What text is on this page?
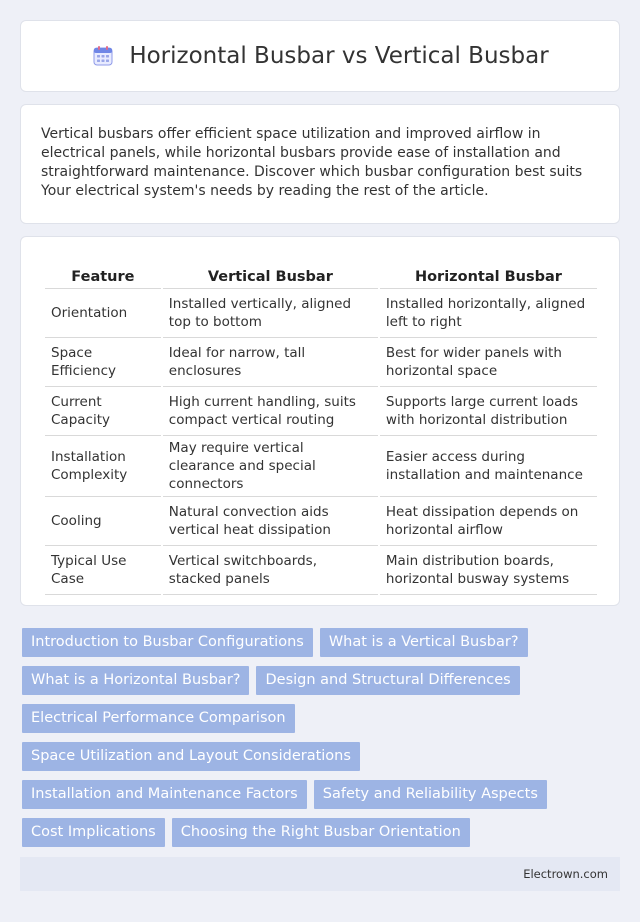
Horizontal Busbar vs Vertical Busbar

Vertical busbars offer efficient space utilization and improved airflow in electrical panels, while horizontal busbars provide ease of installation and straightforward maintenance. Discover which busbar configuration best suits Your electrical system's needs by reading the rest of the article.

Feature	Vertical Busbar	Horizontal Busbar
Orientation	Installed vertically, aligned top to bottom	Installed horizontally, aligned left to right
Space Efficiency	Ideal for narrow, tall enclosures	Best for wider panels with horizontal space
Current Capacity	High current handling, suits compact vertical routing	Supports large current loads with horizontal distribution
Installation Complexity	May require vertical clearance and special connectors	Easier access during installation and maintenance
Cooling	Natural convection aids vertical heat dissipation	Heat dissipation depends on horizontal airflow
Typical Use Case	Vertical switchboards, stacked panels	Main distribution boards, horizontal busway systems
Introduction to Busbar Configurations	What is a Vertical Busbar?
What is a Horizontal Busbar?	Design and Structural Differences
Electrical Performance Comparison
Space Utilization and Layout Considerations
Installation and Maintenance Factors	Safety and Reliability Aspects
Cost Implications	Choosing the Right Busbar Orientation
Electrown.com
